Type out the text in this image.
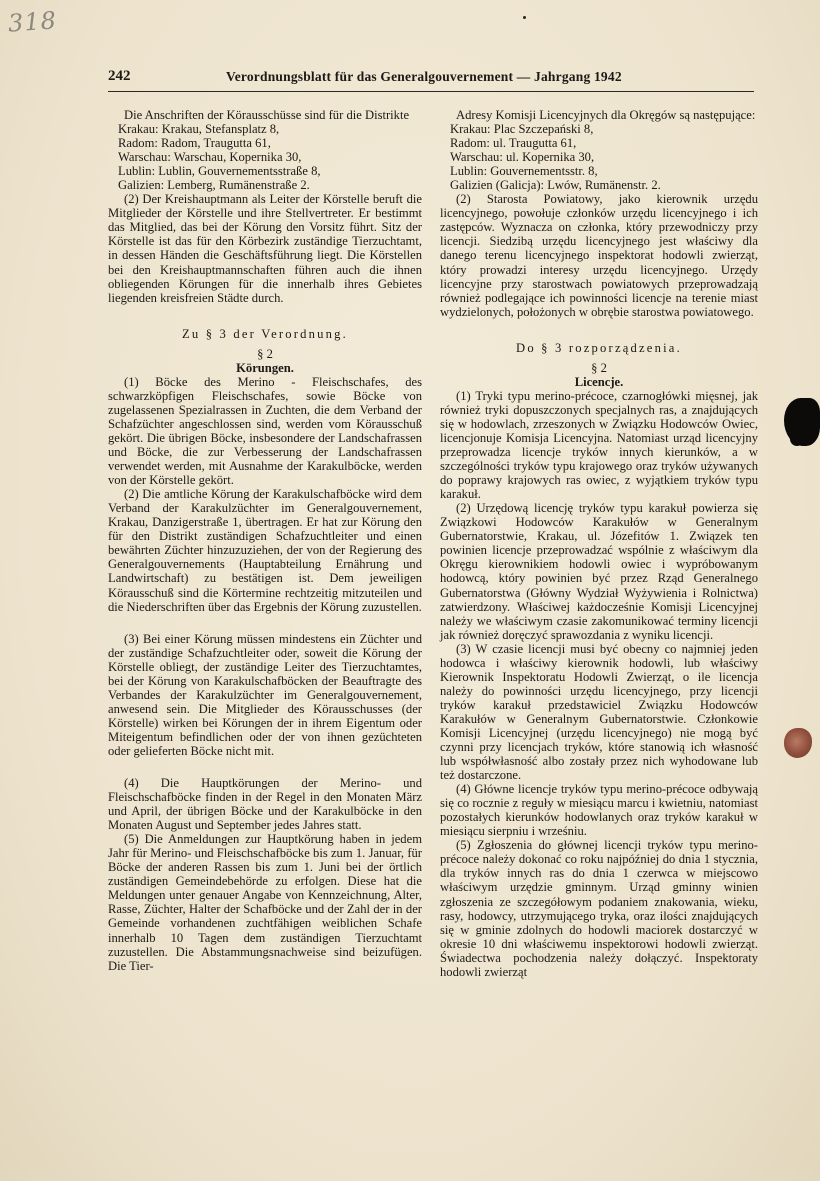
318
242	Verordnungsblatt für das Generalgouvernement — Jahrgang 1942

Die Anschriften der Körausschüsse sind für die Distrikte

Krakau: Krakau, Stefansplatz 8,

Radom: Radom, Traugutta 61,

Warschau: Warschau, Kopernika 30,

Lublin: Lublin, Gouvernementsstraße 8,

Galizien: Lemberg, Rumänenstraße 2.

(2) Der Kreishauptmann als Leiter der Körstelle beruft die Mitglieder der Körstelle und ihre Stellvertreter. Er bestimmt das Mitglied, das bei der Körung den Vorsitz führt. Sitz der Körstelle ist das für den Körbezirk zuständige Tierzuchtamt, in dessen Händen die Geschäftsführung liegt. Die Körstellen bei den Kreishauptmannschaften führen auch die ihnen obliegenden Körungen für die innerhalb ihres Gebietes liegenden kreisfreien Städte durch.

Zu § 3 der Verordnung.

§ 2

Körungen.

(1) Böcke des Merino - Fleischschafes, des schwarzköpfigen Fleischschafes, sowie Böcke von zugelassenen Spezialrassen in Zuchten, die dem Verband der Schafzüchter angeschlossen sind, werden vom Körausschuß gekört. Die übrigen Böcke, insbesondere der Landschafrassen und Böcke, die zur Verbesserung der Landschafrassen verwendet werden, mit Ausnahme der Karakulböcke, werden von der Körstelle gekört.

(2) Die amtliche Körung der Karakulschafböcke wird dem Verband der Karakulzüchter im Generalgouvernement, Krakau, Danzigerstraße 1, übertragen. Er hat zur Körung den für den Distrikt zuständigen Schafzuchtleiter und einen bewährten Züchter hinzuzuziehen, der von der Regierung des Generalgouvernements (Hauptabteilung Ernährung und Landwirtschaft) zu bestätigen ist. Dem jeweiligen Körausschuß sind die Körtermine rechtzeitig mitzuteilen und die Niederschriften über das Ergebnis der Körung zuzustellen.

(3) Bei einer Körung müssen mindestens ein Züchter und der zuständige Schafzuchtleiter oder, soweit die Körung der Körstelle obliegt, der zuständige Leiter des Tierzuchtamtes, bei der Körung von Karakulschafböcken der Beauftragte des Verbandes der Karakulzüchter im Generalgouvernement, anwesend sein. Die Mitglieder des Körausschusses (der Körstelle) wirken bei Körungen der in ihrem Eigentum oder Miteigentum befindlichen oder der von ihnen gezüchteten oder gelieferten Böcke nicht mit.

(4) Die Hauptkörungen der Merino- und Fleischschafböcke finden in der Regel in den Monaten März und April, der übrigen Böcke und der Karakulböcke in den Monaten August und September jedes Jahres statt.

(5) Die Anmeldungen zur Hauptkörung haben in jedem Jahr für Merino- und Fleischschafböcke bis zum 1. Januar, für Böcke der anderen Rassen bis zum 1. Juni bei der örtlich zuständigen Gemeindebehörde zu erfolgen. Diese hat die Meldungen unter genauer Angabe von Kennzeichnung, Alter, Rasse, Züchter, Halter der Schafböcke und der Zahl der in der Gemeinde vorhandenen zuchtfähigen weiblichen Schafe innerhalb 10 Tagen dem zuständigen Tierzuchtamt zuzustellen. Die Abstammungsnachweise sind beizufügen. Die Tier-

Adresy Komisji Licencyjnych dla Okręgów są następujące:

Krakau: Plac Szczepański 8,

Radom: ul. Traugutta 61,

Warschau: ul. Kopernika 30,

Lublin: Gouvernementsstr. 8,

Galizien (Galicja): Lwów, Rumänenstr. 2.

(2) Starosta Powiatowy, jako kierownik urzędu licencyjnego, powołuje członków urzędu licencyjnego i ich zastępców. Wyznacza on członka, który przewodniczy przy licencji. Siedzibą urzędu licencyjnego jest właściwy dla danego terenu licencyjnego inspektorat hodowli zwierząt, który prowadzi interesy urzędu licencyjnego. Urzędy licencyjne przy starostwach powiatowych przeprowadzają również podlegające ich powinności licencje na terenie miast wydzielonych, położonych w obrębie starostwa powiatowego.

Do § 3 rozporządzenia.

§ 2

Licencje.

(1) Tryki typu merino-précoce, czarnogłówki mięsnej, jak również tryki dopuszczonych specjalnych ras, a znajdujących się w hodowlach, zrzeszonych w Związku Hodowców Owiec, licencjonuje Komisja Licencyjna. Natomiast urząd licencyjny przeprowadza licencje tryków innych kierunków, a w szczególności tryków typu krajowego oraz tryków używanych do poprawy krajowych ras owiec, z wyjątkiem tryków typu karakuł.

(2) Urzędową licencję tryków typu karakuł powierza się Związkowi Hodowców Karakułów w Generalnym Gubernatorstwie, Krakau, ul. Józefitów 1. Związek ten powinien licencje przeprowadzać wspólnie z właściwym dla Okręgu kierownikiem hodowli owiec i wypróbowanym hodowcą, który powinien być przez Rząd Generalnego Gubernatorstwa (Główny Wydział Wyżywienia i Rolnictwa) zatwierdzony. Właściwej każdocześnie Komisji Licencyjnej należy we właściwym czasie zakomunikować terminy licencji jak również doręczyć sprawozdania z wyniku licencji.

(3) W czasie licencji musi być obecny co najmniej jeden hodowca i właściwy kierownik hodowli, lub właściwy Kierownik Inspektoratu Hodowli Zwierząt, o ile licencja należy do powinności urzędu licencyjnego, przy licencji tryków karakuł przedstawiciel Związku Hodowców Karakułów w Generalnym Gubernatorstwie. Członkowie Komisji Licencyjnej (urzędu licencyjnego) nie mogą być czynni przy licencjach tryków, które stanowią ich własność lub współwłasność albo zostały przez nich wyhodowane lub też dostarczone.

(4) Główne licencje tryków typu merino-précoce odbywają się co rocznie z reguły w miesiącu marcu i kwietniu, natomiast pozostałych kierunków hodowlanych oraz tryków karakuł w miesiącu sierpniu i wrześniu.

(5) Zgłoszenia do głównej licencji tryków typu merino-précoce należy dokonać co roku najpóźniej do dnia 1 stycznia, dla tryków innych ras do dnia 1 czerwca w miejscowo właściwym urzędzie gminnym. Urząd gminny winien zgłoszenia ze szczegółowym podaniem znakowania, wieku, rasy, hodowcy, utrzymującego tryka, oraz ilości znajdujących się w gminie zdolnych do hodowli maciorek dostarczyć w okresie 10 dni właściwemu inspektorowi hodowli zwierząt. Świadectwa pochodzenia należy dołączyć. Inspektoraty hodowli zwierząt
